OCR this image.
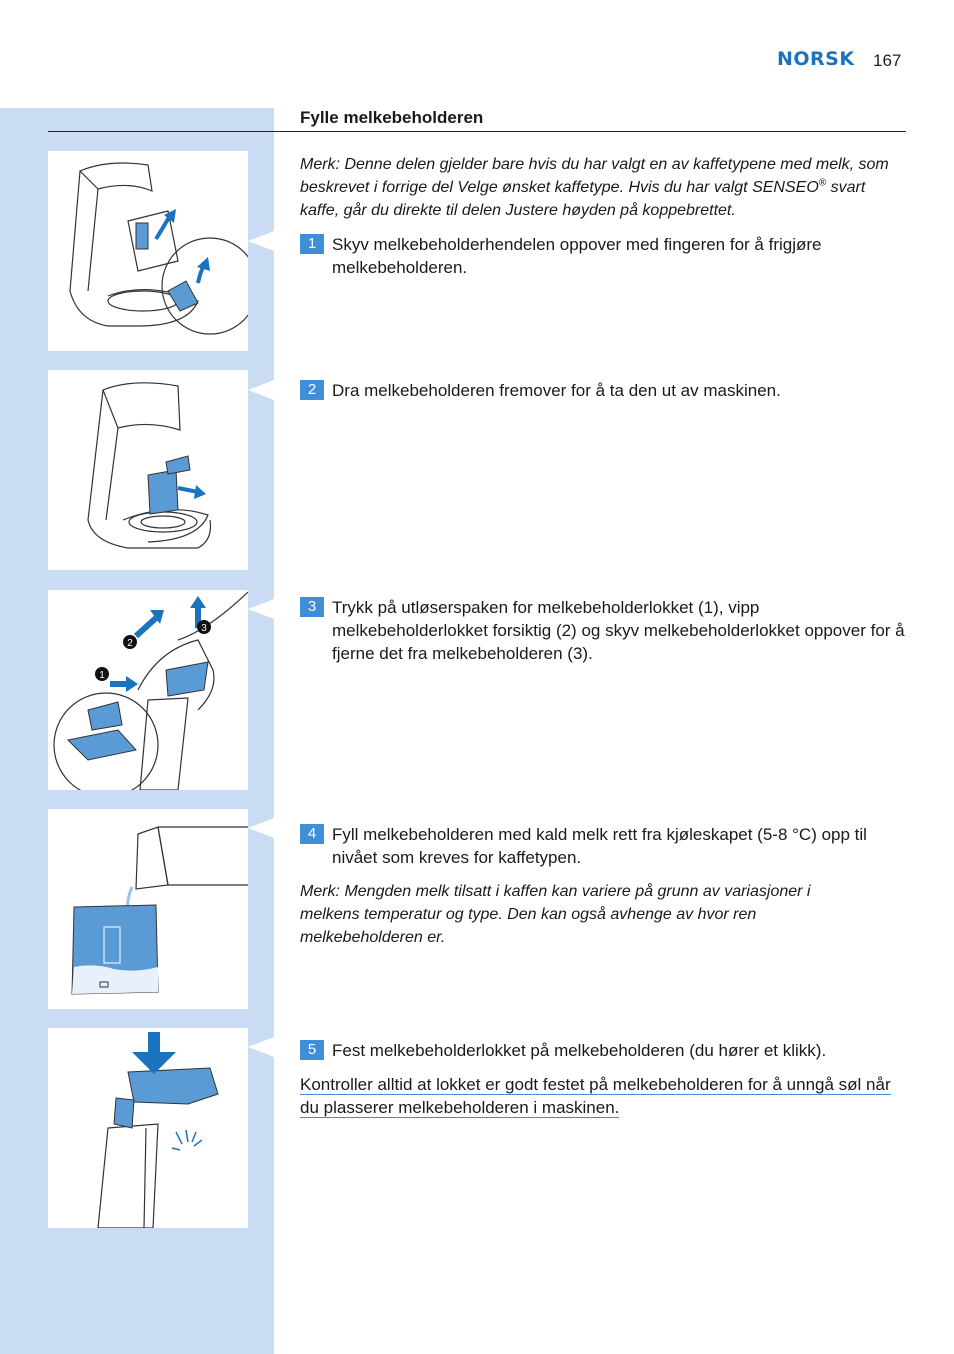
NORSK 167
Fylle melkebeholderen
1
2
3
Merk: Denne delen gjelder bare hvis du har valgt en av kaffetypene med melk, som beskrevet i forrige del Velge ønsket kaffetype. Hvis du har valgt SENSEO® svart kaffe, går du direkte til delen Justere høyden på koppebrettet.
1 Skyv melkebeholderhendelen oppover med fingeren for å frigjøre melkebeholderen.
2 Dra melkebeholderen fremover for å ta den ut av maskinen.
3 Trykk på utløserspaken for melkebeholderlokket (1), vipp melkebeholderlokket forsiktig (2) og skyv melkebeholderlokket oppover for å fjerne det fra melkebeholderen (3).
4 Fyll melkebeholderen med kald melk rett fra kjøleskapet (5-8 °C) opp til nivået som kreves for kaffetypen.
Merk: Mengden melk tilsatt i kaffen kan variere på grunn av variasjoner i melkens temperatur og type. Den kan også avhenge av hvor ren melkebeholderen er.
5 Fest melkebeholderlokket på melkebeholderen (du hører et klikk).
Kontroller alltid at lokket er godt festet på melkebeholderen for å unngå søl når du plasserer melkebeholderen i maskinen.
